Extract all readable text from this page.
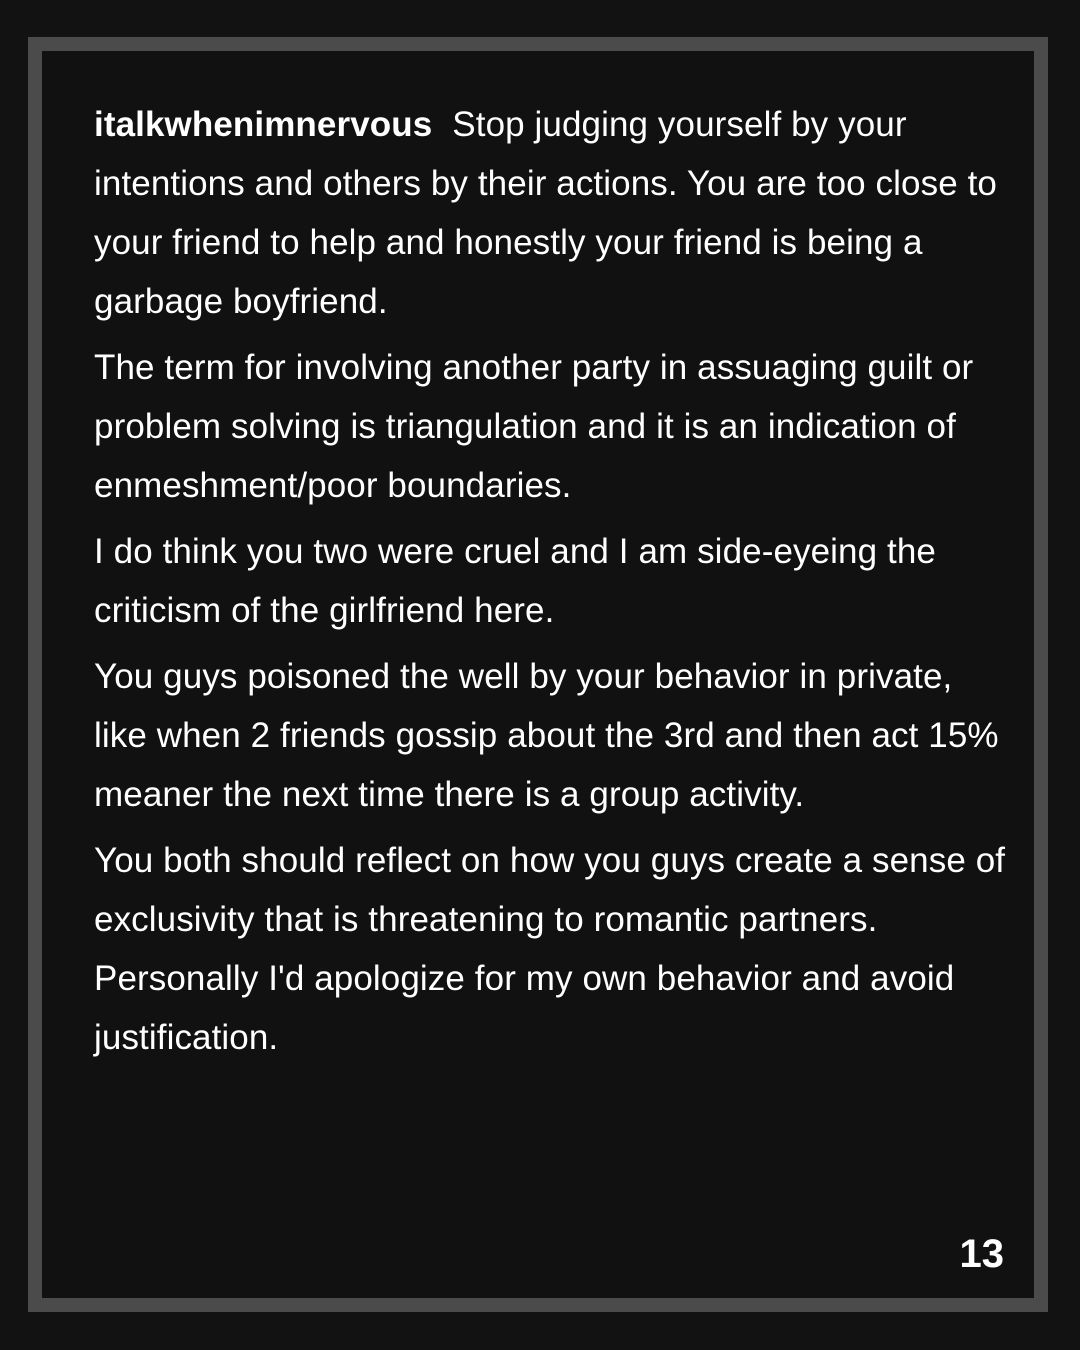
italkwhenimnervous Stop judging yourself by your intentions and others by their actions. You are too close to your friend to help and honestly your friend is being a garbage boyfriend.

The term for involving another party in assuaging guilt or problem solving is triangulation and it is an indication of enmeshment/poor boundaries.

I do think you two were cruel and I am side-eyeing the criticism of the girlfriend here.

You guys poisoned the well by your behavior in private, like when 2 friends gossip about the 3rd and then act 15% meaner the next time there is a group activity.

You both should reflect on how you guys create a sense of exclusivity that is threatening to romantic partners.   Personally I'd apologize for my own behavior and avoid justification.

13
